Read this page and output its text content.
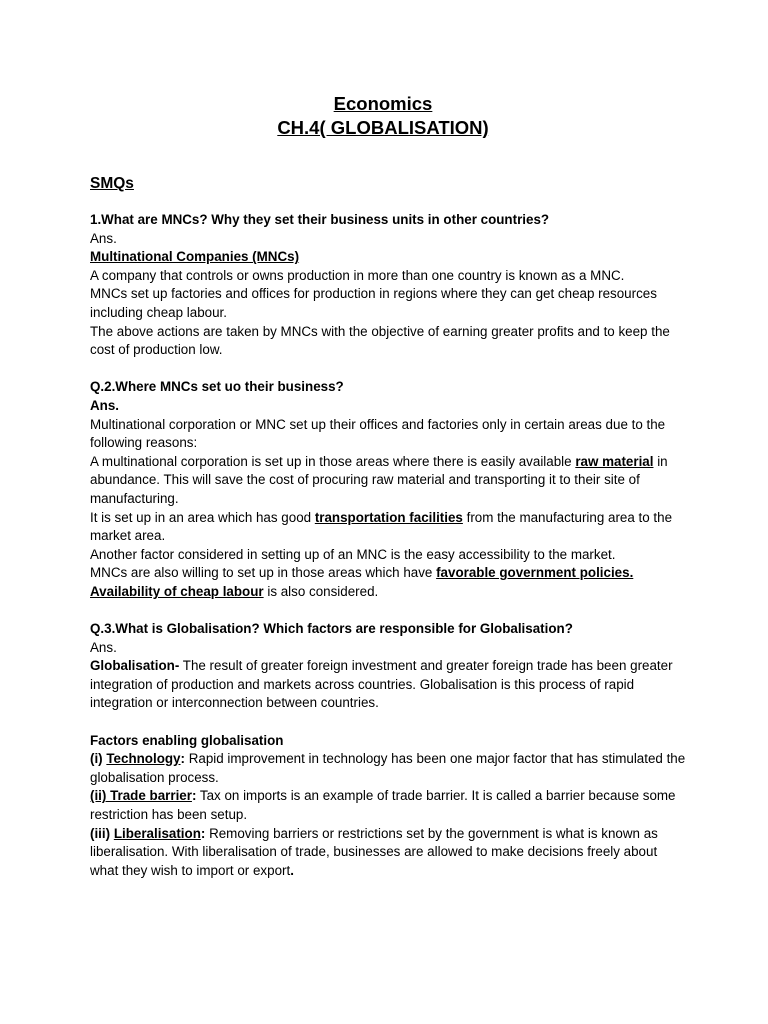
Economics
CH.4( GLOBALISATION)
SMQs

1.What are MNCs? Why they set their business units in other countries?

Ans.

Multinational Companies (MNCs)

A company that controls or owns production in more than one country is known as a MNC.

MNCs set up factories and offices for production in regions where they can get cheap resources including cheap labour.

The above actions are taken by MNCs with the objective of earning greater profits and to keep the cost of production low.

Q.2.Where MNCs set uo their business?

Ans.

Multinational corporation or MNC set up their offices and factories only in certain areas due to the following reasons:

A multinational corporation is set up in those areas where there is easily available raw material in abundance. This will save the cost of procuring raw material and transporting it to their site of manufacturing.

It is set up in an area which has good transportation facilities from the manufacturing area to the market area.

Another factor considered in setting up of an MNC is the easy accessibility to the market.

MNCs are also willing to set up in those areas which have favorable government policies.

Availability of cheap labour is also considered.

Q.3.What is Globalisation? Which factors are responsible for Globalisation?

Ans.

Globalisation- The result of greater foreign investment and greater foreign trade has been greater integration of production and markets across countries. Globalisation is this process of rapid integration or interconnection between countries.

Factors enabling globalisation

(i) Technology: Rapid improvement in technology has been one major factor that has stimulated the globalisation process.

(ii) Trade barrier: Tax on imports is an example of trade barrier. It is called a barrier because some restriction has been setup.

(iii) Liberalisation: Removing barriers or restrictions set by the government is what is known as liberalisation. With liberalisation of trade, businesses are allowed to make decisions freely about what they wish to import or export.
